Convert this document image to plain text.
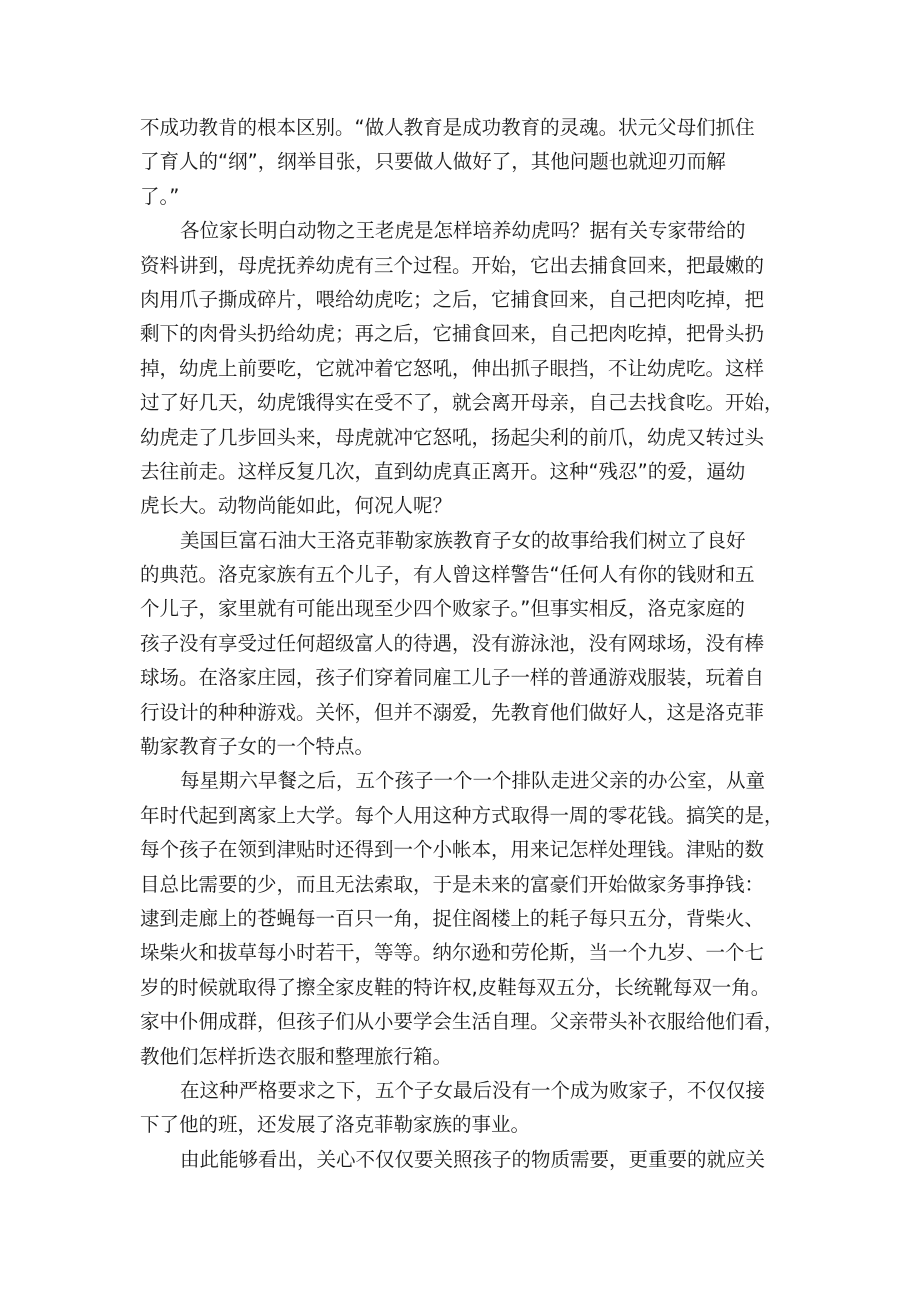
不成功教肯的根本区别。“做人教育是成功教育的灵魂。状元父母们抓住
了育人的“纲”，纲举目张，只要做人做好了，其他问题也就迎刃而解
了。”
各位家长明白动物之王老虎是怎样培养幼虎吗？据有关专家带给的
资料讲到，母虎抚养幼虎有三个过程。开始，它出去捕食回来，把最嫩的
肉用爪子撕成碎片，喂给幼虎吃；之后，它捕食回来，自己把肉吃掉，把
剩下的肉骨头扔给幼虎；再之后，它捕食回来，自己把肉吃掉，把骨头扔
掉，幼虎上前要吃，它就冲着它怒吼，伸出抓子眼挡，不让幼虎吃。这样
过了好几天，幼虎饿得实在受不了，就会离开母亲，自己去找食吃。开始，
幼虎走了几步回头来，母虎就冲它怒吼，扬起尖利的前爪，幼虎又转过头
去往前走。这样反复几次，直到幼虎真正离开。这种“残忍”的爱，逼幼
虎长大。动物尚能如此，何况人呢？
美国巨富石油大王洛克菲勒家族教育子女的故事给我们树立了良好
的典范。洛克家族有五个儿子，有人曾这样警告“任何人有你的钱财和五
个儿子，家里就有可能出现至少四个败家子。”但事实相反，洛克家庭的
孩子没有享受过任何超级富人的待遇，没有游泳池，没有网球场，没有棒
球场。在洛家庄园，孩子们穿着同雇工儿子一样的普通游戏服装，玩着自
行设计的种种游戏。关怀，但并不溺爱，先教育他们做好人，这是洛克菲
勒家教育子女的一个特点。
每星期六早餐之后，五个孩子一个一个排队走进父亲的办公室，从童
年时代起到离家上大学。每个人用这种方式取得一周的零花钱。搞笑的是，
每个孩子在领到津贴时还得到一个小帐本，用来记怎样处理钱。津贴的数
目总比需要的少，而且无法索取，于是未来的富豪们开始做家务事挣钱：
逮到走廊上的苍蝇每一百只一角，捉住阁楼上的耗子每只五分，背柴火、
垛柴火和拔草每小时若干，等等。纳尔逊和劳伦斯，当一个九岁、一个七
岁的时候就取得了擦全家皮鞋的特许权,皮鞋每双五分，长统靴每双一角。
家中仆佣成群，但孩子们从小要学会生活自理。父亲带头补衣服给他们看，
教他们怎样折迭衣服和整理旅行箱。
在这种严格要求之下，五个子女最后没有一个成为败家子，不仅仅接
下了他的班，还发展了洛克菲勒家族的事业。
由此能够看出，关心不仅仅要关照孩子的物质需要，更重要的就应关
